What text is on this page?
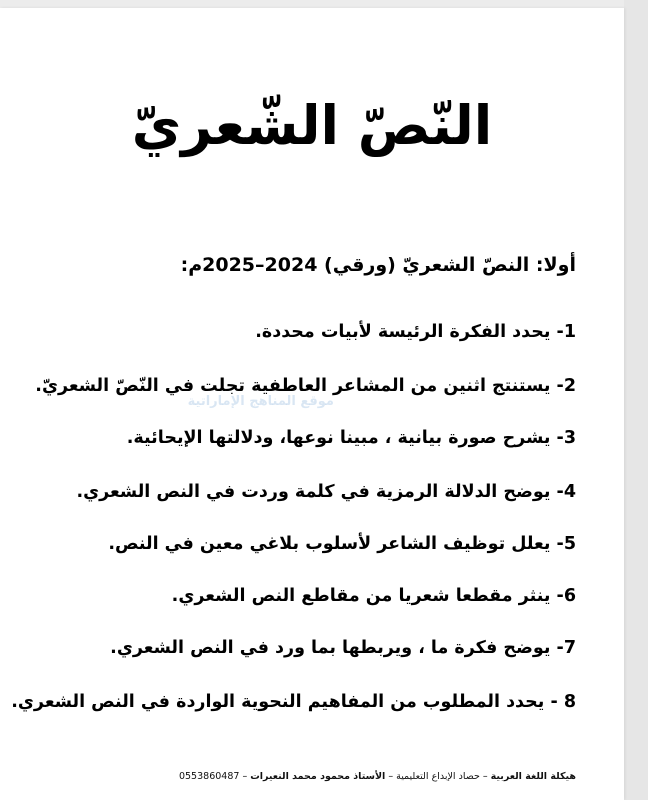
النّصّ الشّعريّ
أولا: النصّ الشعريّ (ورقي) 2024–2025م:
موقع المناهج الإماراتية
1- يحدد الفكرة الرئيسة لأبيات محددة.
2- يستنتج اثنين من المشاعر العاطفية تجلت في النّصّ الشعريّ.
3- يشرح صورة بيانية ، مبينا نوعها، ودلالتها الإيحائية.
4- يوضح الدلالة الرمزية في كلمة وردت في النص الشعري.
5- يعلل توظيف الشاعر لأسلوب بلاغي معين في النص.
6- ينثر مقطعا شعريا من مقاطع النص الشعري.
7- يوضح فكرة ما ، ويربطها بما ورد في النص الشعري.
8 - يحدد المطلوب من المفاهيم النحوية الواردة في النص الشعري.
هيكلة اللغة العربية – حصاد الإبداع التعليمية – الأستاذ محمود محمد النعيرات – 0553860487
